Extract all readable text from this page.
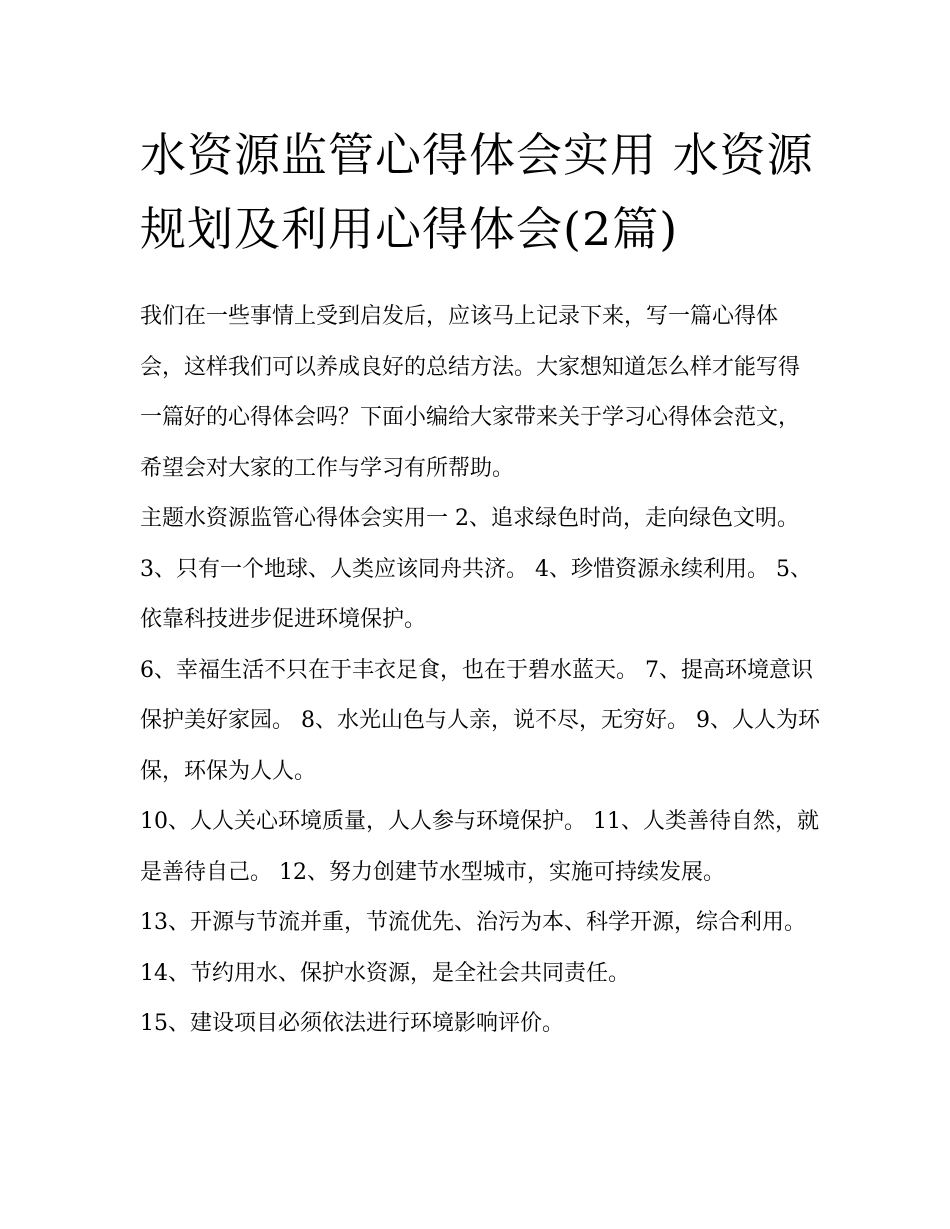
水资源监管心得体会实用 水资源规划及利用心得体会(2篇)

我们在一些事情上受到启发后，应该马上记录下来，写一篇心得体会，这样我们可以养成良好的总结方法。大家想知道怎么样才能写得一篇好的心得体会吗？下面小编给大家带来关于学习心得体会范文，希望会对大家的工作与学习有所帮助。

主题水资源监管心得体会实用一 2、追求绿色时尚，走向绿色文明。 3、只有一个地球、人类应该同舟共济。 4、珍惜资源永续利用。 5、依靠科技进步促进环境保护。

6、幸福生活不只在于丰衣足食，也在于碧水蓝天。 7、提高环境意识保护美好家园。 8、水光山色与人亲，说不尽，无穷好。 9、人人为环保，环保为人人。

10、人人关心环境质量，人人参与环境保护。 11、人类善待自然，就是善待自己。 12、努力创建节水型城市，实施可持续发展。

13、开源与节流并重，节流优先、治污为本、科学开源，综合利用。 14、节约用水、保护水资源，是全社会共同责任。

15、建设项目必须依法进行环境影响评价。
